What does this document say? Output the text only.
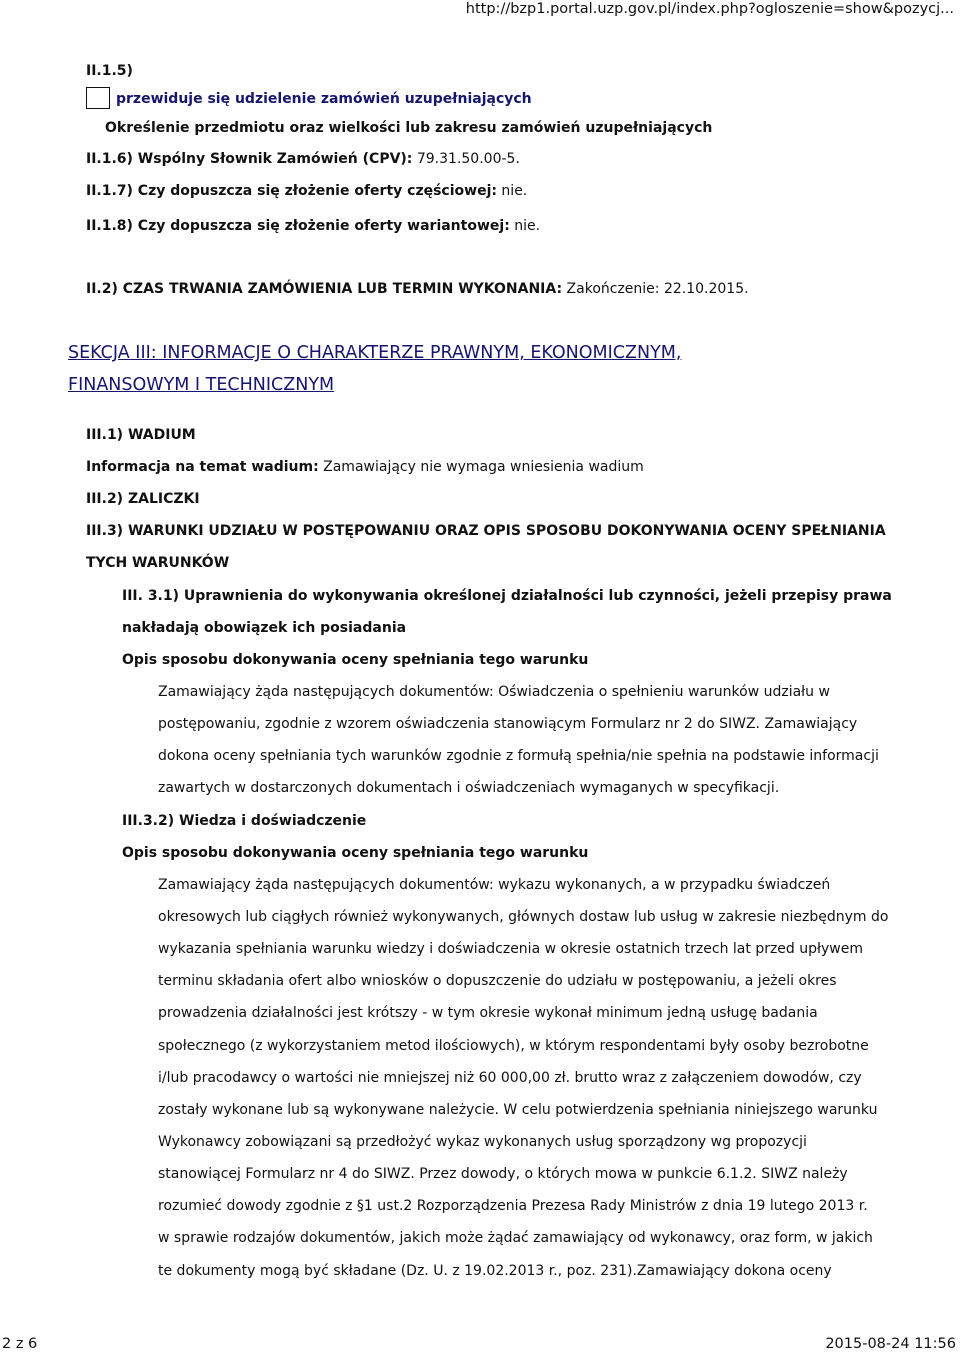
http://bzp1.portal.uzp.gov.pl/index.php?ogloszenie=show&pozycj...
II.1.5)
przewiduje się udzielenie zamówień uzupełniających
Określenie przedmiotu oraz wielkości lub zakresu zamówień uzupełniających
II.1.6) Wspólny Słownik Zamówień (CPV): 79.31.50.00-5.
II.1.7) Czy dopuszcza się złożenie oferty częściowej: nie.
II.1.8) Czy dopuszcza się złożenie oferty wariantowej: nie.
II.2) CZAS TRWANIA ZAMÓWIENIA LUB TERMIN WYKONANIA: Zakończenie: 22.10.2015.
SEKCJA III: INFORMACJE O CHARAKTERZE PRAWNYM, EKONOMICZNYM,
FINANSOWYM I TECHNICZNYM
III.1) WADIUM
Informacja na temat wadium: Zamawiający nie wymaga wniesienia wadium
III.2) ZALICZKI
III.3) WARUNKI UDZIAŁU W POSTĘPOWANIU ORAZ OPIS SPOSOBU DOKONYWANIA OCENY SPEŁNIANIA
TYCH WARUNKÓW
III. 3.1) Uprawnienia do wykonywania określonej działalności lub czynności, jeżeli przepisy prawa
nakładają obowiązek ich posiadania
Opis sposobu dokonywania oceny spełniania tego warunku
Zamawiający żąda następujących dokumentów: Oświadczenia o spełnieniu warunków udziału w
postępowaniu, zgodnie z wzorem oświadczenia stanowiącym Formularz nr 2 do SIWZ. Zamawiający
dokona oceny spełniania tych warunków zgodnie z formułą spełnia/nie spełnia na podstawie informacji
zawartych w dostarczonych dokumentach i oświadczeniach wymaganych w specyfikacji.
III.3.2) Wiedza i doświadczenie
Opis sposobu dokonywania oceny spełniania tego warunku
Zamawiający żąda następujących dokumentów: wykazu wykonanych, a w przypadku świadczeń
okresowych lub ciągłych również wykonywanych, głównych dostaw lub usług w zakresie niezbędnym do
wykazania spełniania warunku wiedzy i doświadczenia w okresie ostatnich trzech lat przed upływem
terminu składania ofert albo wniosków o dopuszczenie do udziału w postępowaniu, a jeżeli okres
prowadzenia działalności jest krótszy - w tym okresie wykonał minimum jedną usługę badania
społecznego (z wykorzystaniem metod ilościowych), w którym respondentami były osoby bezrobotne
i/lub pracodawcy o wartości nie mniejszej niż 60 000,00 zł. brutto wraz z załączeniem dowodów, czy
zostały wykonane lub są wykonywane należycie. W celu potwierdzenia spełniania niniejszego warunku
Wykonawcy zobowiązani są przedłożyć wykaz wykonanych usług sporządzony wg propozycji
stanowiącej Formularz nr 4 do SIWZ. Przez dowody, o których mowa w punkcie 6.1.2. SIWZ należy
rozumieć dowody zgodnie z §1 ust.2 Rozporządzenia Prezesa Rady Ministrów z dnia 19 lutego 2013 r.
w sprawie rodzajów dokumentów, jakich może żądać zamawiający od wykonawcy, oraz form, w jakich
te dokumenty mogą być składane (Dz. U. z 19.02.2013 r., poz. 231).Zamawiający dokona oceny
2 z 6	2015-08-24 11:56
